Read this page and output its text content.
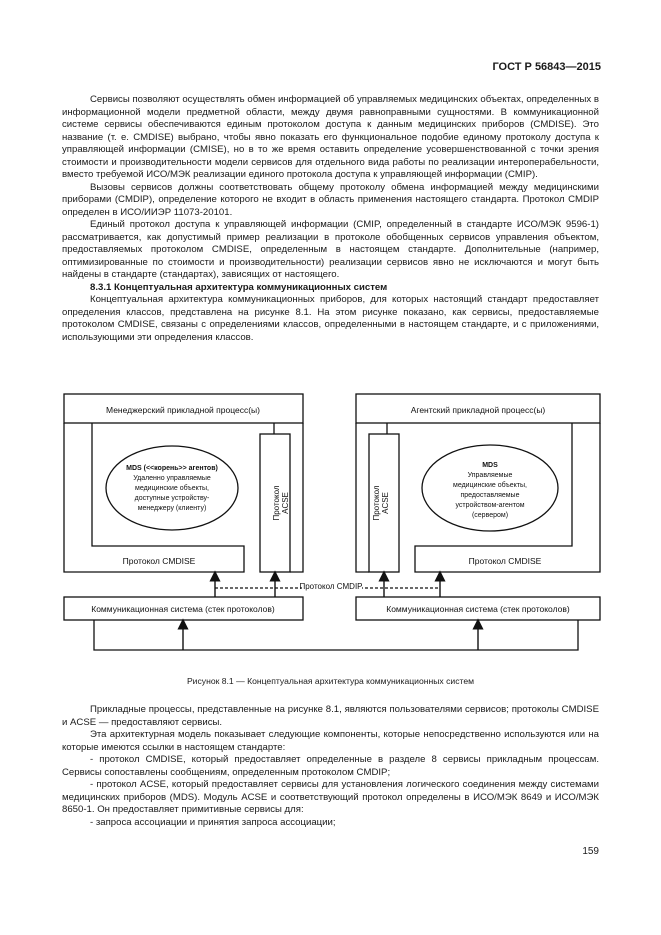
ГОСТ Р 56843—2015

Сервисы позволяют осуществлять обмен информацией об управляемых медицинских объектах, определенных в информационной модели предметной области, между двумя равноправными сущностями. В коммуникационной системе сервисы обеспечиваются единым протоколом доступа к данным медицинских приборов (CMDISE). Это название (т. е. CMDISE) выбрано, чтобы явно показать его функциональное подобие единому протоколу доступа к управляющей информации (CMISE), но в то же время оставить определение усовершенствованной с точки зрения стоимости и производительности модели сервисов для отдельного вида работы по реализации интероперабельности, вместо требуемой ИСО/МЭК реализации единого протокола доступа к управляющей информации (CMIP).

Вызовы сервисов должны соответствовать общему протоколу обмена информацией между медицинскими приборами (CMDIP), определение которого не входит в область применения настоящего стандарта. Протокол CMDIP определен в ИСО/ИИЭР 11073-20101.

Единый протокол доступа к управляющей информации (CMIP, определенный в стандарте ИСО/МЭК 9596-1) рассматривается, как допустимый пример реализации в протоколе обобщенных сервисов управления объектом, предоставляемых протоколом CMDISE, определенным в настоящем стандарте. Дополнительные (например, оптимизированные по стоимости и производительности) реализации сервисов явно не исключаются и могут быть найдены в стандарте (стандартах), зависящих от настоящего.

8.3.1 Концептуальная архитектура коммуникационных систем

Концептуальная архитектура коммуникационных приборов, для которых настоящий стандарт предоставляет определения классов, представлена на рисунке 8.1. На этом рисунке показано, как сервисы, предоставляемые протоколом CMDISE, связаны с определениями классов, определенными в настоящем стандарте, и с приложениями, использующими эти определения классов.

Менеджерский прикладной процесс(ы)
MDS (<<корень>> агентов)
Удаленно управляемые
медицинские объекты,
доступные устройству-
менеджеру (клиенту)	Протокол ACSE
Протокол CMDISE
Коммуникационная система (стек протоколов)
Агентский прикладной процесс(ы)
Протокол ACSE
MDS
Управляемые
медицинские объекты,
предоставляемые
устройством-агентом
(сервером)
Протокол CMDISE
Коммуникационная система (стек протоколов)
Протокол CMDIP
Рисунок 8.1 — Концептуальная архитектура коммуникационных систем

Прикладные процессы, представленные на рисунке 8.1, являются пользователями сервисов; протоколы CMDISE и ACSE — предоставляют сервисы.

Эта архитектурная модель показывает следующие компоненты, которые непосредственно используются или на которые имеются ссылки в настоящем стандарте:

- протокол CMDISE, который предоставляет определенные в разделе 8 сервисы прикладным процессам. Сервисы сопоставлены сообщениям, определенным протоколом CMDIP;

- протокол ACSE, который предоставляет сервисы для установления логического соединения между системами медицинских приборов (MDS). Модуль ACSE и соответствующий протокол определены в ИСО/МЭК 8649 и ИСО/МЭК 8650-1. Он предоставляет примитивные сервисы для:

- запроса ассоциации и принятия запроса ассоциации;

159
